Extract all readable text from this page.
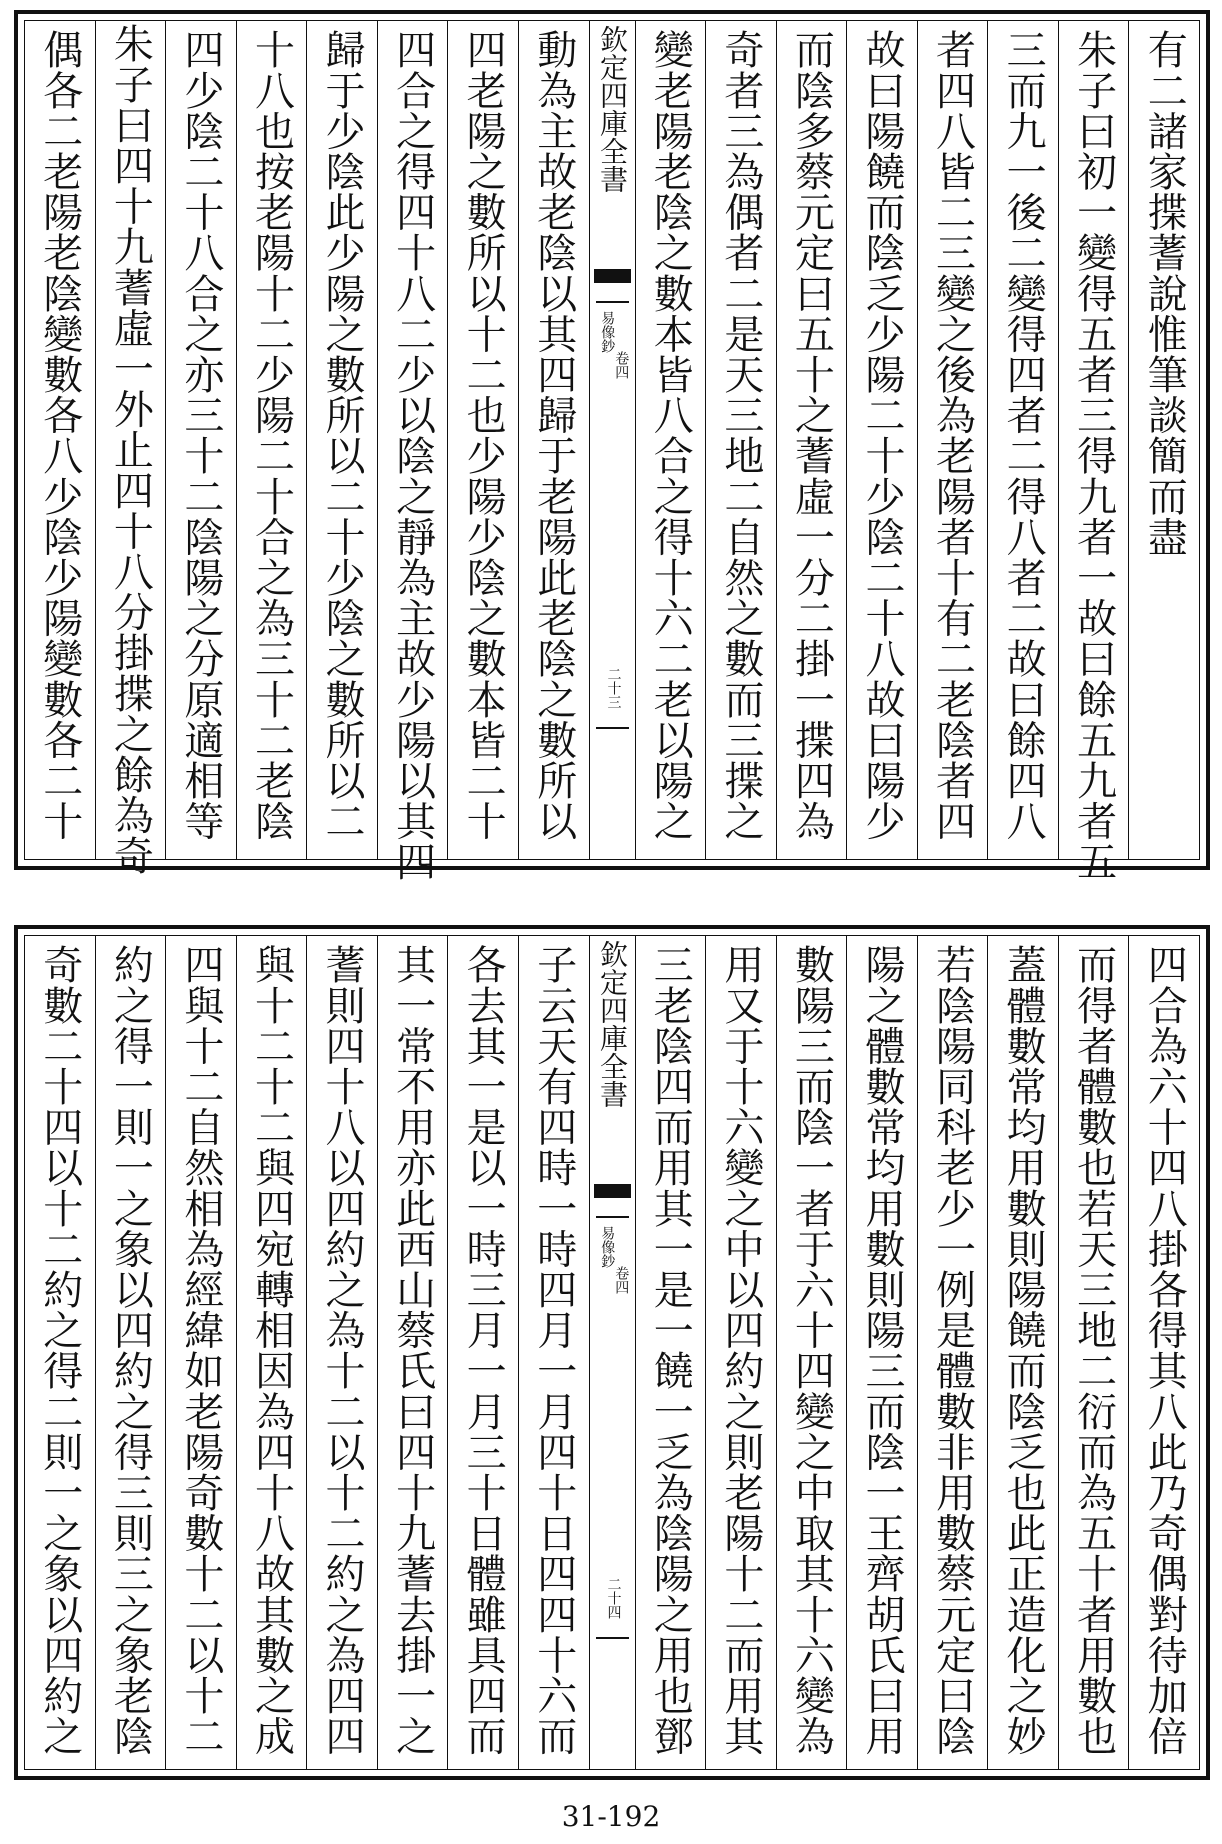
有二諸家揲蓍說惟筆談簡而盡
朱子曰初一變得五者三得九者一故曰餘五九者五
三而九一後二變得四者二得八者二故曰餘四八
者四八皆二三變之後為老陽者十有二老陰者四
故曰陽饒而陰乏少陽二十少陰二十八故曰陽少
而陰多蔡元定曰五十之蓍虛一分二掛一揲四為
奇者三為偶者二是天三地二自然之數而三揲之
變老陽老陰之數本皆八合之得十六二老以陽之
欽定四庫全書
易像鈔
卷四
二十三
動為主故老陰以其四歸于老陽此老陰之數所以
四老陽之數所以十二也少陽少陰之數本皆二十
四合之得四十八二少以陰之靜為主故少陽以其四
歸于少陰此少陽之數所以二十少陰之數所以二
十八也按老陽十二少陽二十合之為三十二老陰
四少陰二十八合之亦三十二陰陽之分原適相等
朱子曰四十九蓍虛一外止四十八分掛揲之餘為奇
偶各二老陽老陰變數各八少陰少陽變數各二十
四合為六十四八掛各得其八此乃奇偶對待加倍
而得者體數也若天三地二衍而為五十者用數也
蓋體數常均用數則陽饒而陰乏也此正造化之妙
若陰陽同科老少一例是體數非用數蔡元定曰陰
陽之體數常均用數則陽三而陰一王齊胡氏曰用
數陽三而陰一者于六十四變之中取其十六變為
用又于十六變之中以四約之則老陽十二而用其
三老陰四而用其一是一饒一乏為陰陽之用也鄧
欽定四庫全書
易像鈔
卷四
二十四
子云天有四時一時四月一月四十日四四十六而
各去其一是以一時三月一月三十日體雖具四而
其一常不用亦此西山蔡氏曰四十九蓍去掛一之
蓍則四十八以四約之為十二以十二約之為四四
與十二十二與四宛轉相因為四十八故其數之成
四與十二自然相為經緯如老陽奇數十二以十二
約之得一則一之象以四約之得三則三之象老陰
奇數二十四以十二約之得二則一之象以四約之
31-192
